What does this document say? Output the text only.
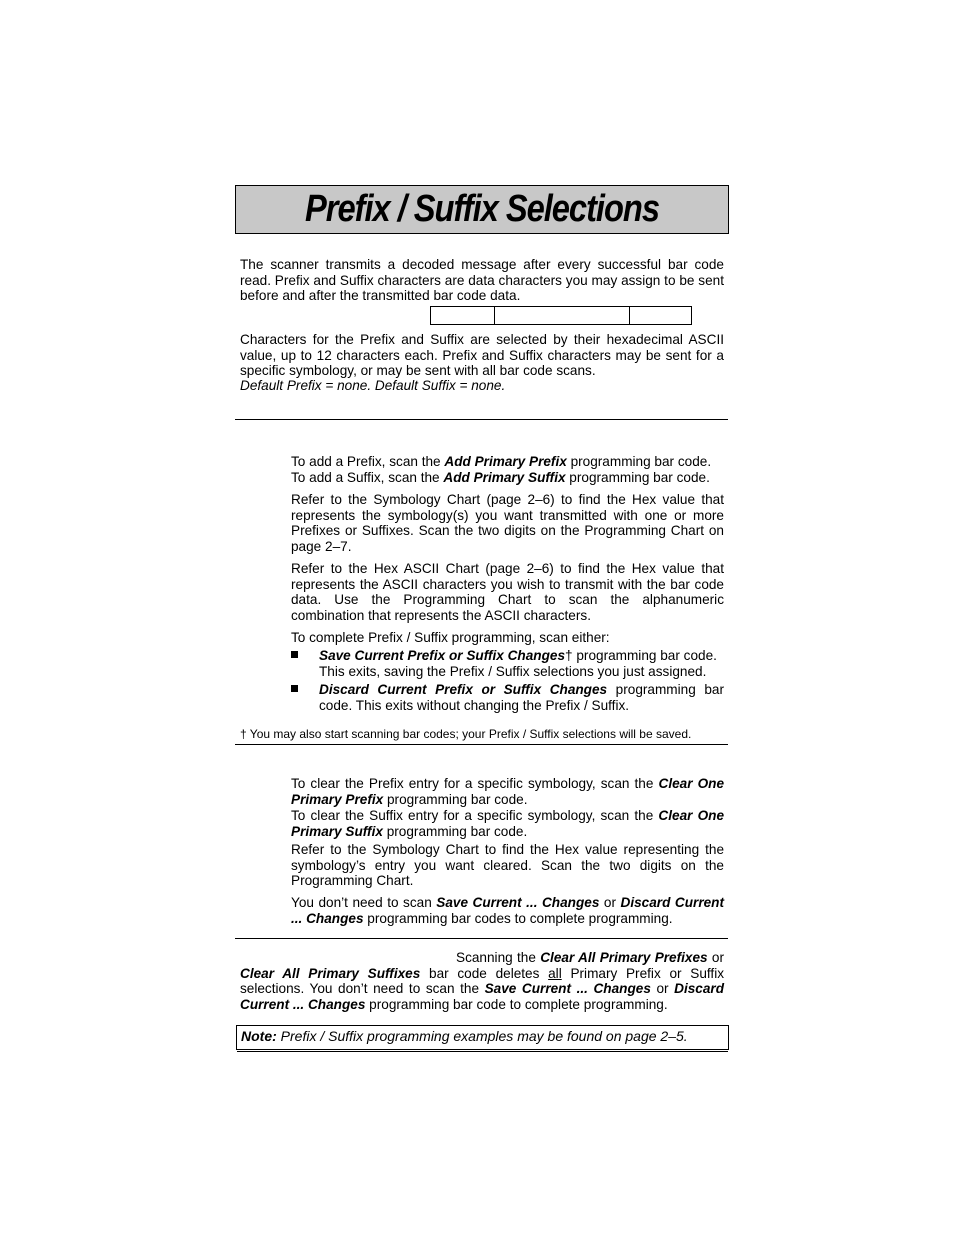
Prefix / Suffix Selections
The scanner transmits a decoded message after every successful bar code read. Prefix and Suffix characters are data characters you may assign to be sent before and after the transmitted bar code data.
Characters for the Prefix and Suffix are selected by their hexadecimal ASCII value, up to 12 characters each. Prefix and Suffix characters may be sent for a specific symbology, or may be sent with all bar code scans.
Default Prefix = none. Default Suffix = none.
To add a Prefix, scan the Add Primary Prefix programming bar code.
To add a Suffix, scan the Add Primary Suffix programming bar code.
Refer to the Symbology Chart (page 2–6) to find the Hex value that represents the symbology(s) you want transmitted with one or more Prefixes or Suffixes. Scan the two digits on the Programming Chart on page 2–7.
Refer to the Hex ASCII Chart (page 2–6) to find the Hex value that represents the ASCII characters you wish to transmit with the bar code data. Use the Programming Chart to scan the alphanumeric combination that represents the ASCII characters.
To complete Prefix / Suffix programming, scan either:
Save Current Prefix or Suffix Changes† programming bar code.
This exits, saving the Prefix / Suffix selections you just assigned.
Discard Current Prefix or Suffix Changes programming bar code. This exits without changing the Prefix / Suffix.
† You may also start scanning bar codes; your Prefix / Suffix selections will be saved.
To clear the Prefix entry for a specific symbology, scan the Clear One Primary Prefix programming bar code.
To clear the Suffix entry for a specific symbology, scan the Clear One Primary Suffix programming bar code.
Refer to the Symbology Chart to find the Hex value representing the symbology’s entry you want cleared. Scan the two digits on the Programming Chart.
You don’t need to scan Save Current ... Changes or Discard Current ... Changes programming bar codes to complete programming.
Scanning the Clear All Primary Prefixes or Clear All Primary Suffixes bar code deletes all Primary Prefix or Suffix selections. You don’t need to scan the Save Current ... Changes or Discard Current ... Changes programming bar code to complete programming.
Note: Prefix / Suffix programming examples may be found on page 2–5.
